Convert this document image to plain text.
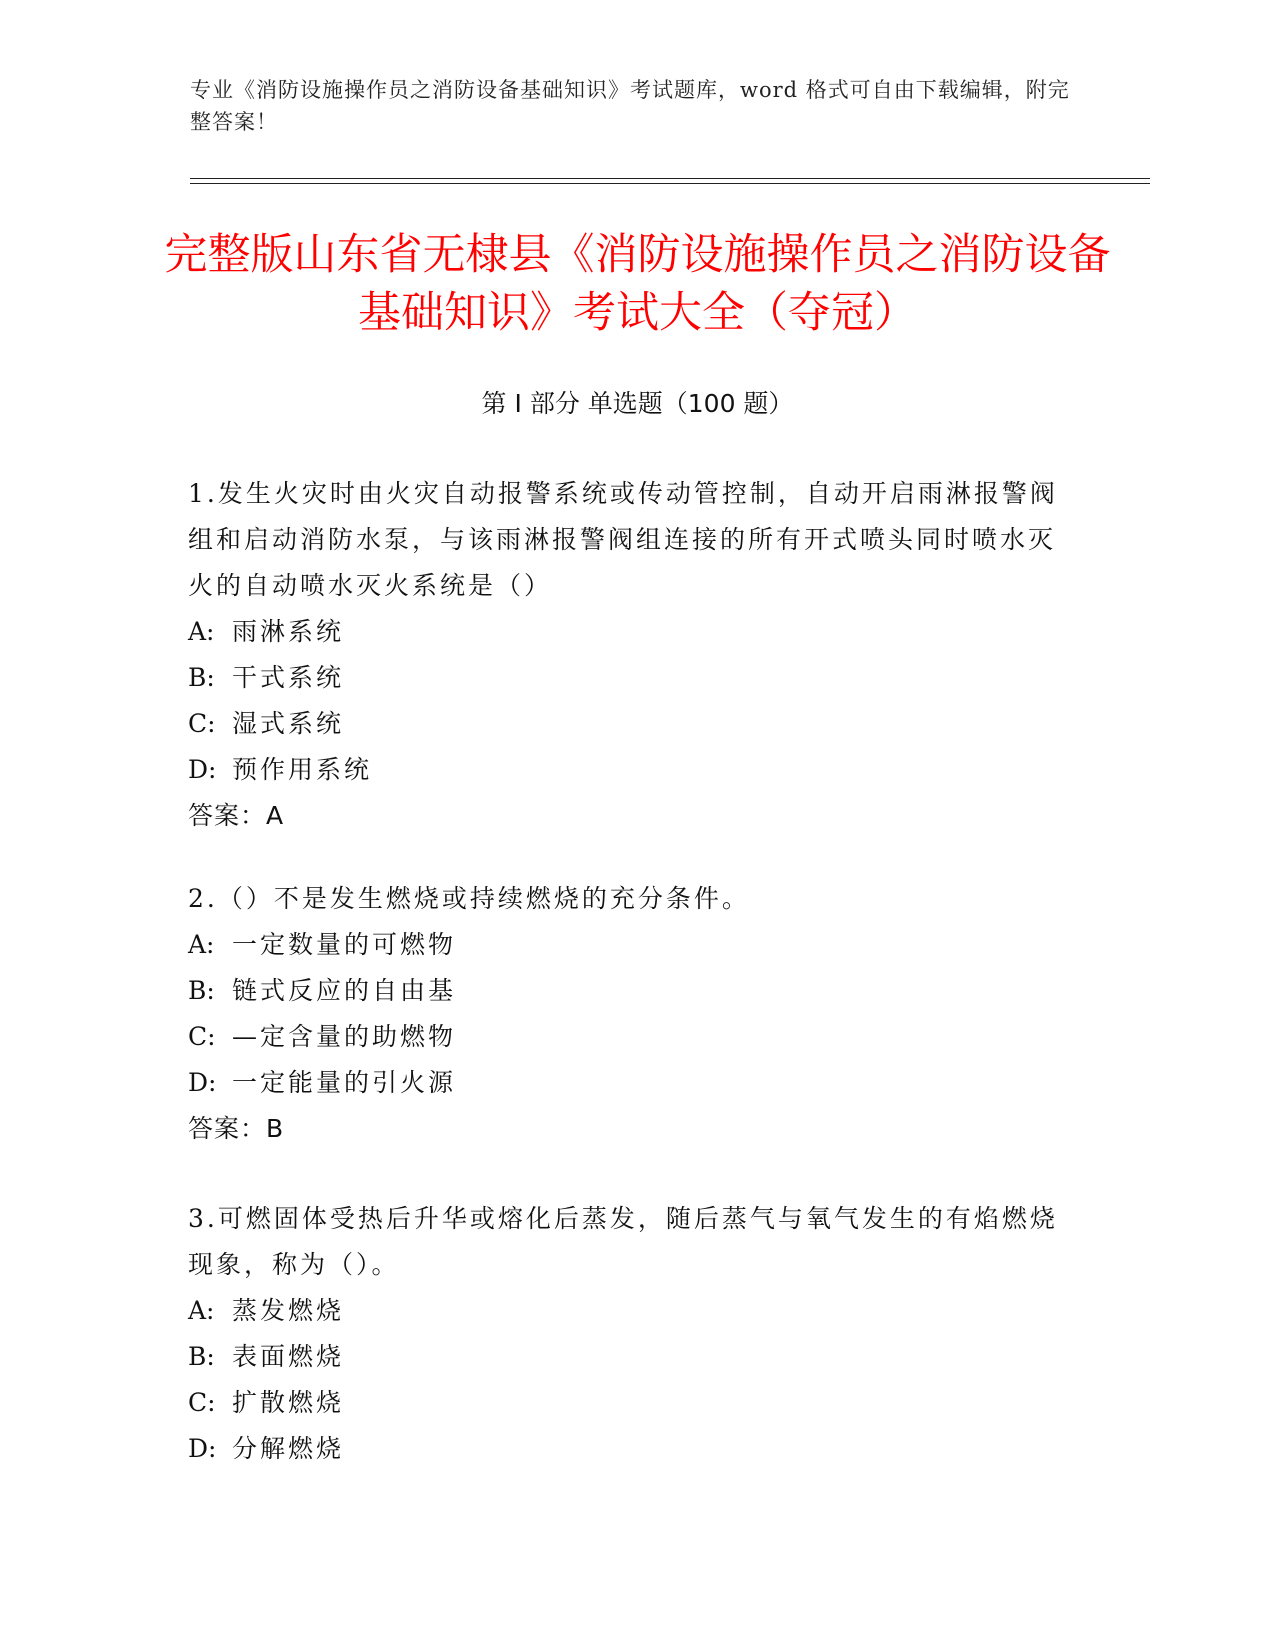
专业《消防设施操作员之消防设备基础知识》考试题库，word 格式可自由下载编辑，附完整答案！
完整版山东省无棣县《消防设施操作员之消防设备基础知识》考试大全（夺冠）
第 I 部分 单选题（100 题）
1.发生火灾时由火灾自动报警系统或传动管控制，自动开启雨淋报警阀组和启动消防水泵，与该雨淋报警阀组连接的所有开式喷头同时喷水灭火的自动喷水灭火系统是（）
A: 雨淋系统
B: 干式系统
C: 湿式系统
D: 预作用系统
答案：A
2.（）不是发生燃烧或持续燃烧的充分条件。
A: 一定数量的可燃物
B: 链式反应的自由基
C: —定含量的助燃物
D: 一定能量的引火源
答案：B
3.可燃固体受热后升华或熔化后蒸发，随后蒸气与氧气发生的有焰燃烧现象，称为（）。
A: 蒸发燃烧
B: 表面燃烧
C: 扩散燃烧
D: 分解燃烧
